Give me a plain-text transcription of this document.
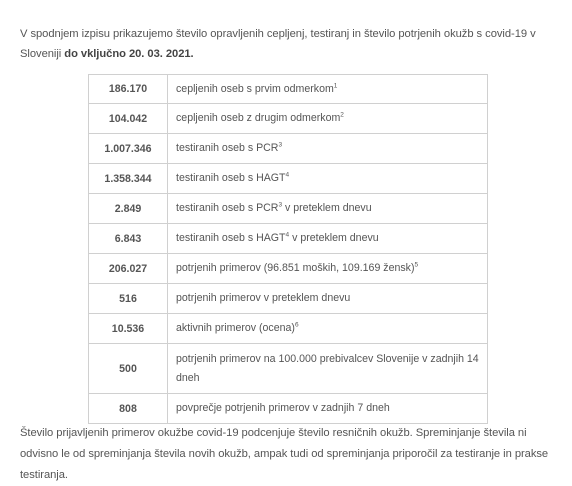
V spodnjem izpisu prikazujemo število opravljenih cepljenj, testiranj in število potrjenih okužb s covid-19 v Sloveniji do vključno 20. 03. 2021.

186.170	cepljenih oseb s prvim odmerkom$^1$
104.042	cepljenih oseb z drugim odmerkom$^2$
1.007.346	testiranih oseb s PCR$^3$
1.358.344	testiranih oseb s HAGT$^4$
2.849	testiranih oseb s PCR$^3$ v preteklem dnevu
6.843	testiranih oseb s HAGT$^4$ v preteklem dnevu
206.027	potrjenih primerov (96.851 moških, 109.169 žensk)$^5$
516	potrjenih primerov v preteklem dnevu
10.536	aktivnih primerov (ocena)$^6$
500	potrjenih primerov na 100.000 prebivalcev Slovenije v zadnjih 14 dneh
808	povprečje potrjenih primerov v zadnjih 7 dneh

Število prijavljenih primerov okužbe covid-19 podcenjuje število resničnih okužb. Spreminjanje števila ni odvisno le od spreminjanja števila novih okužb, ampak tudi od spreminjanja priporočil za testiranje in prakse testiranja.
